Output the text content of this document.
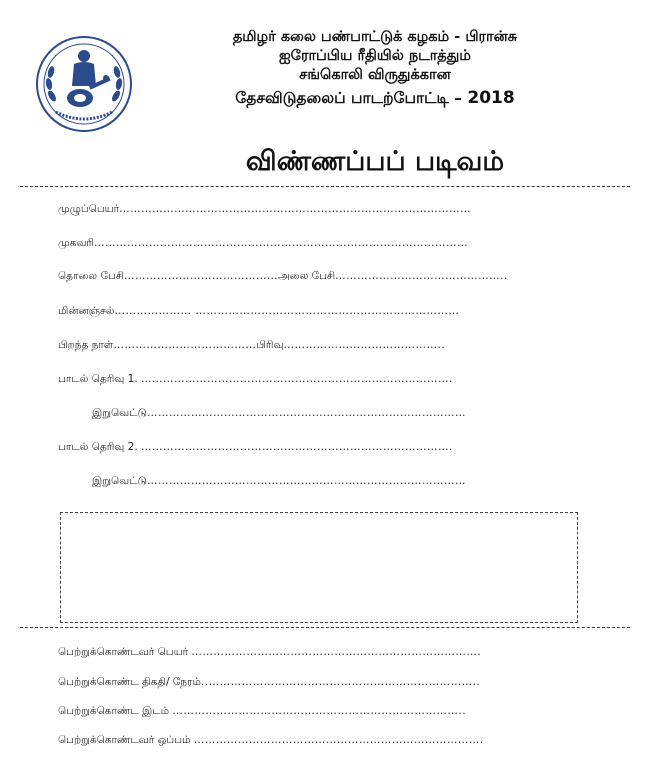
தமிழர் கலை பண்பாட்டுக் கழகம் - பிரான்சு
ஐரோப்பிய ரீதியில் நடாத்தும்
சங்கொலி விருதுக்கான
தேசவிடுதலைப் பாடற்போட்டி – 2018
விண்ணப்பப் படிவம்
முழுப்பெயர்……………………………………………………………………………………
முகவரி…………………………………………………………………………………………
தொலை பேசி……………………………………அலை பேசி………………………………………..
மின்னஞ்சல்………………… ………………………………………………………………
பிறந்த நாள்…………………………………பிரிவு……………………………………..
பாடல் தெரிவு 1. ………………………………………………………………………….
இறுவெட்டு……………………………………………………………………………
பாடல் தெரிவு 2. ………………………………………………………………………….
இறுவெட்டு……………………………………………………………………………
பெற்றுக்கொண்டவர் பெயர் …………………………………………………………………….
பெற்றுக்கொண்ட திகதி/ நேரம்..………………………………………………………………..
பெற்றுக்கொண்ட இடம் ……………………………………………………………………..
பெற்றுக்கொண்டவர் ஒப்பம் …………………………………………………………………….
